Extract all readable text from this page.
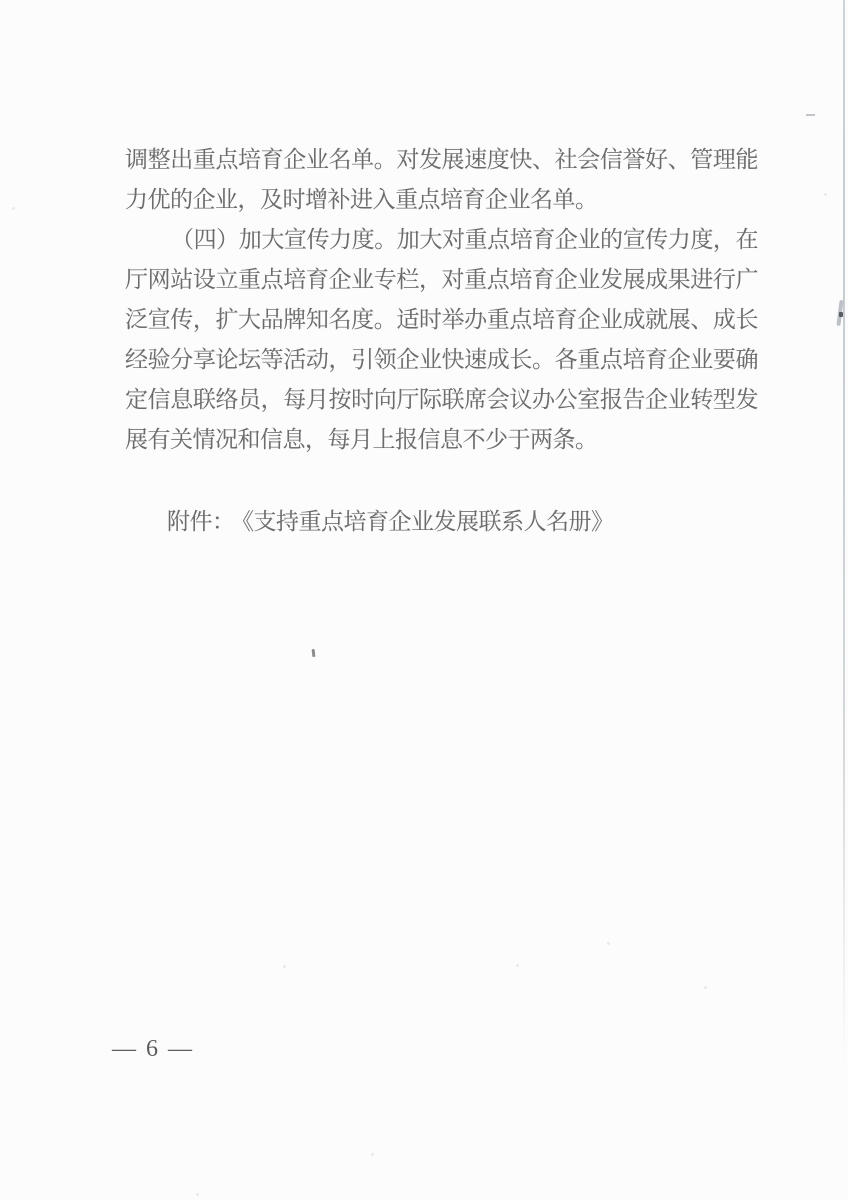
调整出重点培育企业名单。对发展速度快、社会信誉好、管理能
力优的企业，及时增补进入重点培育企业名单。
（四）加大宣传力度。加大对重点培育企业的宣传力度，在
厅网站设立重点培育企业专栏，对重点培育企业发展成果进行广
泛宣传，扩大品牌知名度。适时举办重点培育企业成就展、成长
经验分享论坛等活动，引领企业快速成长。各重点培育企业要确
定信息联络员，每月按时向厅际联席会议办公室报告企业转型发
展有关情况和信息，每月上报信息不少于两条。
附件： 《支持重点培育企业发展联系人名册》
— 6 —
